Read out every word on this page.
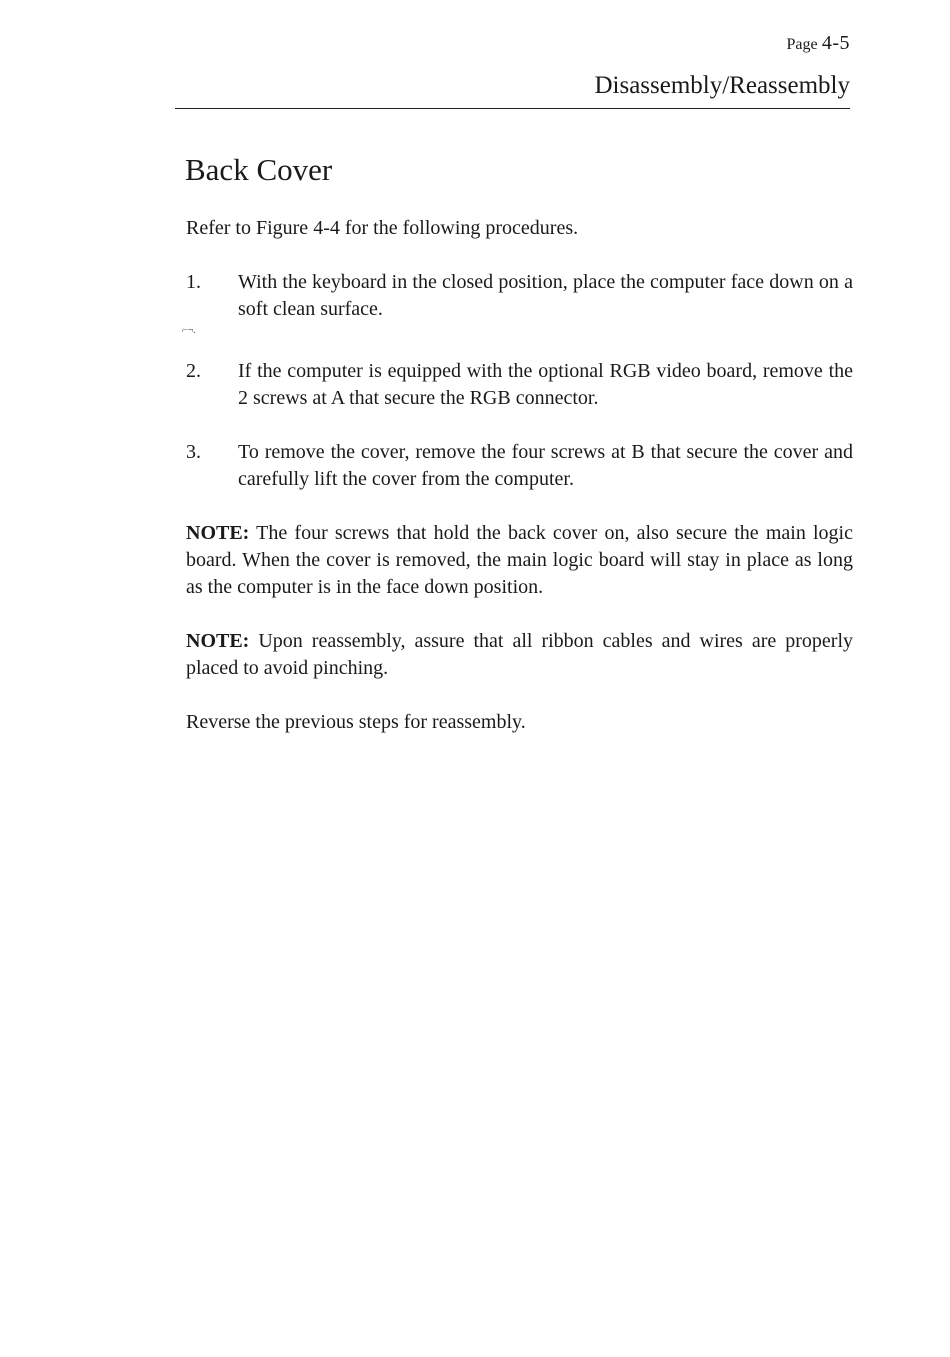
Page 4-5
Disassembly/Reassembly
Back Cover
⌐¬.

Refer to Figure 4-4 for the following procedures.

1.	With the keyboard in the closed position, place the computer face down on a soft clean surface.
2.	If the computer is equipped with the optional RGB video board, remove the 2 screws at A that secure the RGB connector.
3.	To remove the cover, remove the four screws at B that secure the cover and carefully lift the cover from the computer.

NOTE: The four screws that hold the back cover on, also secure the main logic board. When the cover is removed, the main logic board will stay in place as long as the computer is in the face down position.

NOTE: Upon reassembly, assure that all ribbon cables and wires are properly placed to avoid pinching.

Reverse the previous steps for reassembly.
